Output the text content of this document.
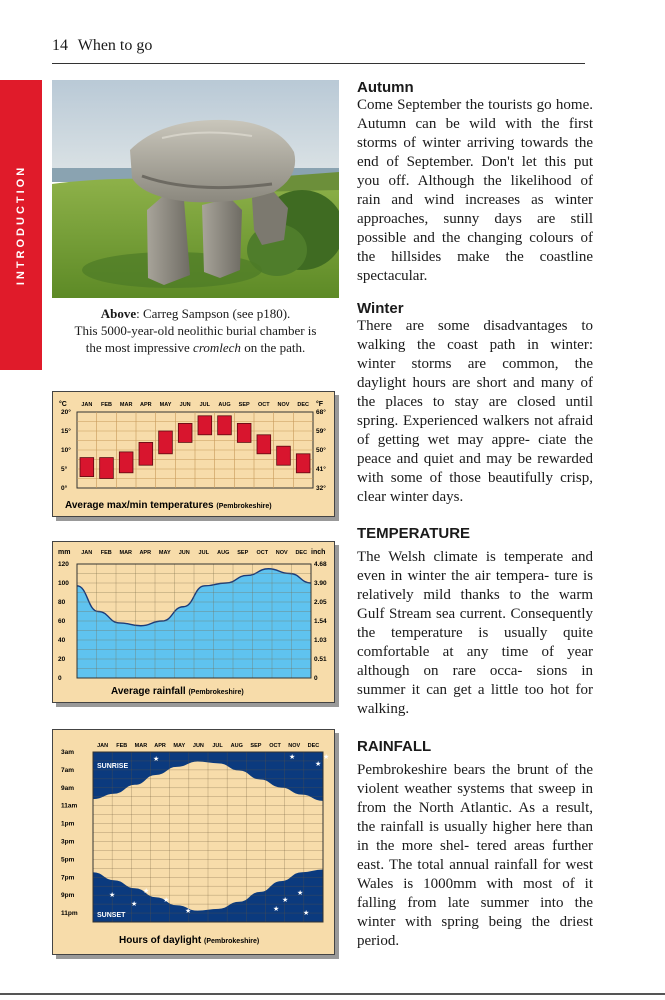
14 When to go
INTRODUCTION
Above: Carreg Sampson (see p180).
This 5000-year-old neolithic burial chamber is
the most impressive cromlech on the path.
°C	°F
JAN FEB MAR APR MAY JUN JUL AUG SEP OCT NOV DEC
20°
15°
10°
5°
0°
68°
59°
50°
41°
32°
Average max/min temperatures (Pembrokeshire)
mm	inch
JAN FEB MAR APR MAY JUN JUL AUG SEP OCT NOV DEC
120
100
80
60
40
20
0
4.68
3.90
2.05
1.54
1.03
0.51
0
Average rainfall (Pembrokeshire)
JAN FEB MAR APR MAY JUN JUL AUG SEP OCT NOV DEC
3am
7am
9am
11am
1pm
3pm
5pm
7pm
9pm
11pm
★	★
★
★
★
★
★
★
★	★
★
★
★
SUNRISE
SUNSET
Hours of daylight (Pembrokeshire)
Autumn

Come September the tourists go home. Autumn can be wild with the first storms of winter arriving towards the end of September. Don't let this put you off. Although the likelihood of rain and wind increases as winter approaches, sunny days are still possible and the changing colours of the hillsides make the coastline spectacular.

Winter

There are some disadvantages to walking the coast path in winter: winter storms are common, the daylight hours are short and many of the places to stay are closed until spring. Experienced walkers not afraid of getting wet may appre- ciate the peace and quiet and may be rewarded with some of those beautifully crisp, clear winter days.

TEMPERATURE

The Welsh climate is temperate and even in winter the air tempera- ture is relatively mild thanks to the warm Gulf Stream sea current. Consequently the temperature is usually quite comfortable at any time of year although on rare occa- sions in summer it can get a little too hot for walking.

RAINFALL

Pembrokeshire bears the brunt of the violent weather systems that sweep in from the North Atlantic. As a result, the rainfall is usually higher here than in the more shel- tered areas further east. The total annual rainfall for west Wales is 1000mm with most of it falling from late summer into the winter with spring being the driest period.
